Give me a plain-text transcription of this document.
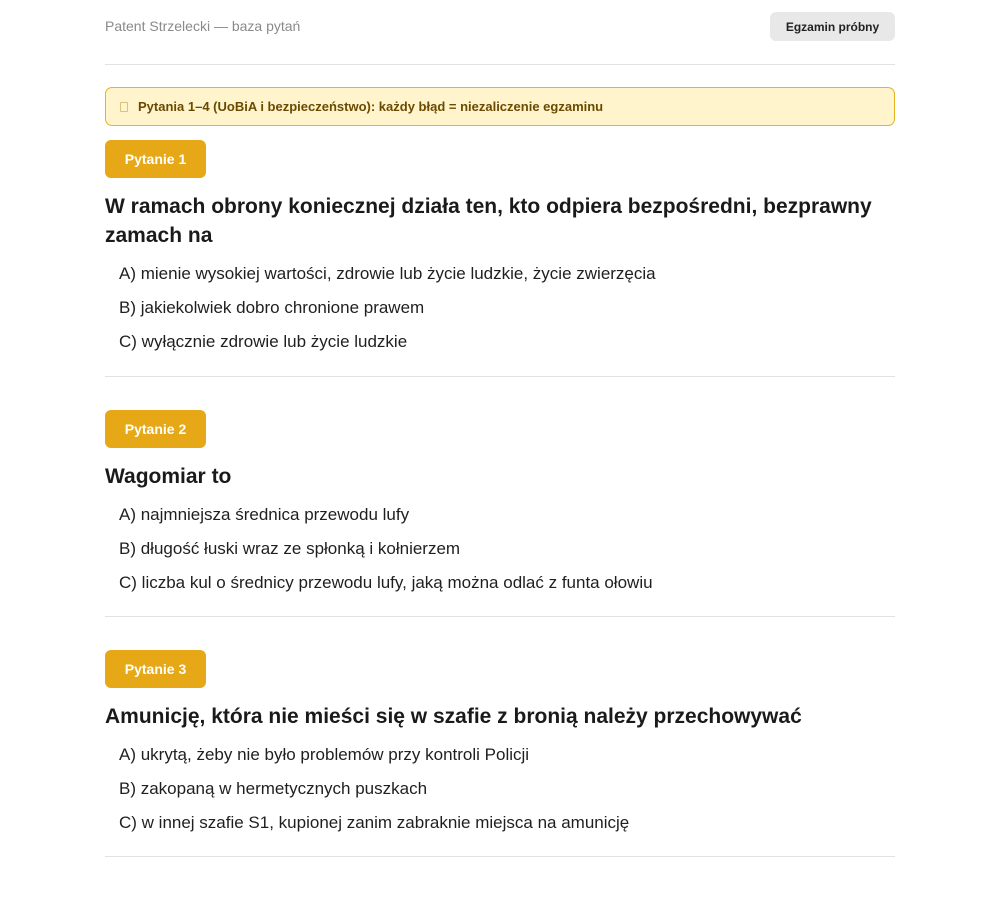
Patent Strzelecki — baza pytań	Egzamin próbny
Pytania 1–4 (UoBiA i bezpieczeństwo): każdy błąd = niezaliczenie egzaminu
Pytanie 1
W ramach obrony koniecznej działa ten, kto odpiera bezpośredni, bezprawny zamach na
A) mienie wysokiej wartości, zdrowie lub życie ludzkie, życie zwierzęcia
B) jakiekolwiek dobro chronione prawem
C) wyłącznie zdrowie lub życie ludzkie
Pytanie 2
Wagomiar to
A) najmniejsza średnica przewodu lufy
B) długość łuski wraz ze spłonką i kołnierzem
C) liczba kul o średnicy przewodu lufy, jaką można odlać z funta ołowiu
Pytanie 3
Amunicję, która nie mieści się w szafie z bronią należy przechowywać
A) ukrytą, żeby nie było problemów przy kontroli Policji
B) zakopaną w hermetycznych puszkach
C) w innej szafie S1, kupionej zanim zabraknie miejsca na amunicję
